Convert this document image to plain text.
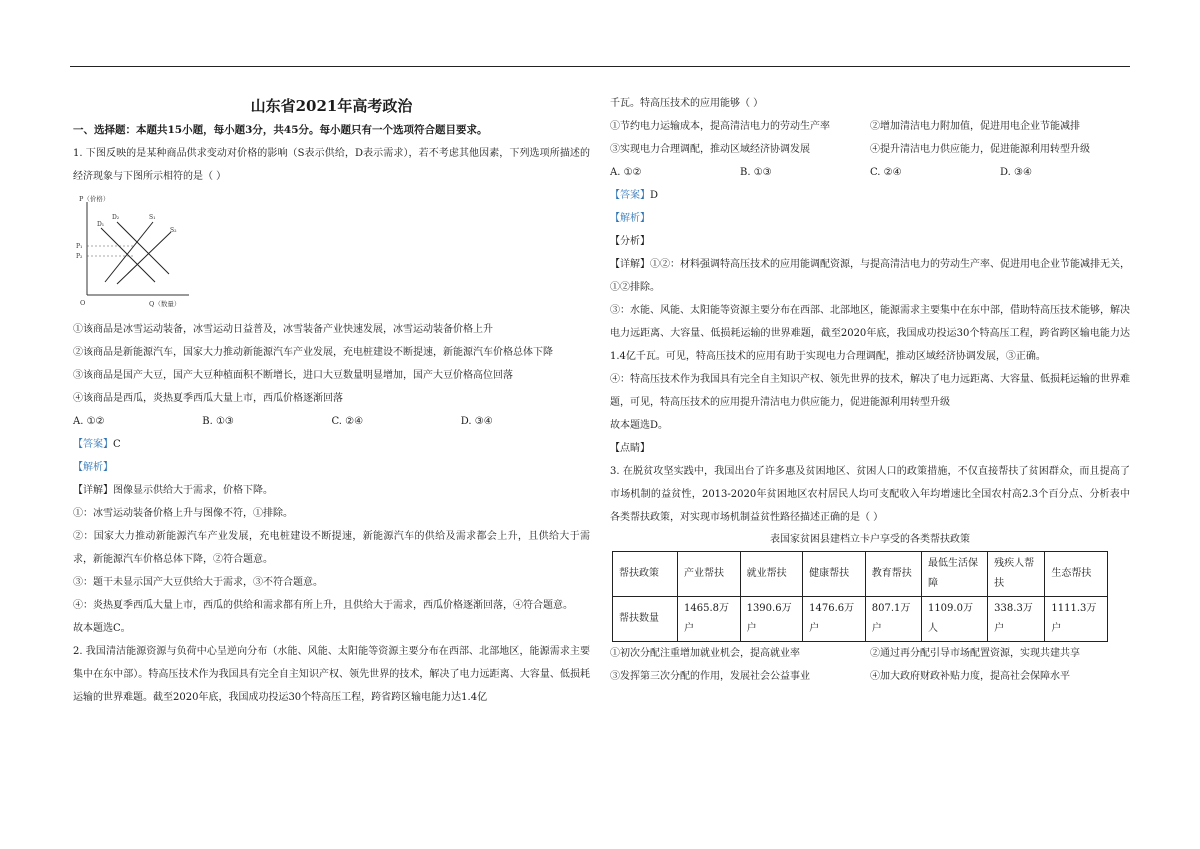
山东省2021年高考政治
一、选择题：本题共15小题，每小题3分，共45分。每小题只有一个选项符合题目要求。

1. 下图反映的是某种商品供求变动对价格的影响（S表示供给，D表示需求），若不考虑其他因素，下列选项所描述的经济现象与下图所示相符的是（ ）

P（价格）
Q（数量）
O
P₁
P₂
D₁
D₂	S₁
S₂

①该商品是冰雪运动装备，冰雪运动日益普及，冰雪装备产业快速发展，冰雪运动装备价格上升

②该商品是新能源汽车，国家大力推动新能源汽车产业发展，充电桩建设不断提速，新能源汽车价格总体下降

③该商品是国产大豆，国产大豆种植面积不断增长，进口大豆数量明显增加，国产大豆价格高位回落

④该商品是西瓜，炎热夏季西瓜大量上市，西瓜价格逐渐回落

A. ①②	B. ①③	C. ②④	D. ③④

【答案】C

【解析】

【详解】图像显示供给大于需求，价格下降。

①：冰雪运动装备价格上升与图像不符，①排除。

②：国家大力推动新能源汽车产业发展，充电桩建设不断提速，新能源汽车的供给及需求都会上升，且供给大于需求，新能源汽车价格总体下降，②符合题意。

③：题干未显示国产大豆供给大于需求，③不符合题意。

④：炎热夏季西瓜大量上市，西瓜的供给和需求都有所上升，且供给大于需求，西瓜价格逐渐回落，④符合题意。

故本题选C。

2. 我国清洁能源资源与负荷中心呈逆向分布（水能、风能、太阳能等资源主要分布在西部、北部地区，能源需求主要集中在东中部）。特高压技术作为我国具有完全自主知识产权、领先世界的技术，解决了电力远距离、大容量、低损耗运输的世界难题。截至2020年底，我国成功投运30个特高压工程，跨省跨区输电能力达1.4亿

千瓦。特高压技术的应用能够（ ）

①节约电力运输成本，提高清洁电力的劳动生产率	②增加清洁电力附加值，促进用电企业节能减排
③实现电力合理调配，推动区域经济协调发展	④提升清洁电力供应能力，促进能源利用转型升级
A. ①②	B. ①③	C. ②④	D. ③④

【答案】D

【解析】

【分析】

【详解】①②：材料强调特高压技术的应用能调配资源，与提高清洁电力的劳动生产率、促进用电企业节能减排无关，①②排除。

③：水能、风能、太阳能等资源主要分布在西部、北部地区，能源需求主要集中在东中部，借助特高压技术能够，解决电力远距离、大容量、低损耗运输的世界难题，截至2020年底，我国成功投运30个特高压工程，跨省跨区输电能力达1.4亿千瓦。可见，特高压技术的应用有助于实现电力合理调配，推动区域经济协调发展，③正确。

④：特高压技术作为我国具有完全自主知识产权、领先世界的技术，解决了电力远距离、大容量、低损耗运输的世界难题，可见，特高压技术的应用提升清洁电力供应能力，促进能源利用转型升级

故本题选D。

【点睛】

3. 在脱贫攻坚实践中，我国出台了许多惠及贫困地区、贫困人口的政策措施，不仅直接帮扶了贫困群众，而且提高了市场机制的益贫性，2013-2020年贫困地区农村居民人均可支配收入年均增速比全国农村高2.3个百分点、分析表中各类帮扶政策，对实现市场机制益贫性路径描述正确的是（ ）

表国家贫困县建档立卡户享受的各类帮扶政策
帮扶政策	产业帮扶	就业帮扶	健康帮扶	教育帮扶	最低生活保障	残疾人帮扶	生态帮扶
帮扶数量	1465.8万户	1390.6万户	1476.6万户	807.1万户	1109.0万人	338.3万户	1111.3万户
①初次分配注重增加就业机会，提高就业率	②通过再分配引导市场配置资源，实现共建共享
③发挥第三次分配的作用，发展社会公益事业	④加大政府财政补贴力度，提高社会保障水平
